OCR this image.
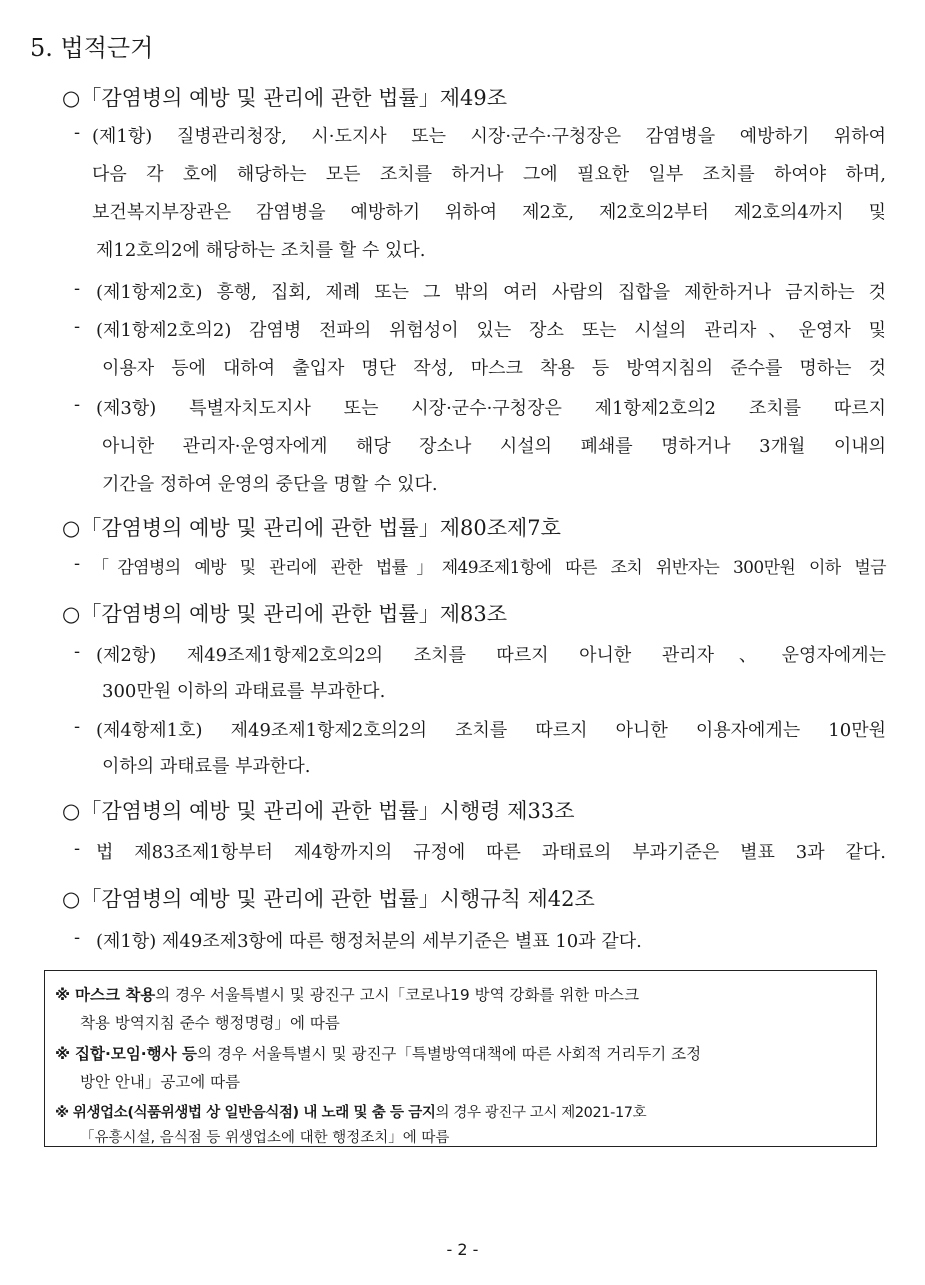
5. 법적근거
○「감염병의 예방 및 관리에 관한 법률」제49조
- (제1항) 질병관리청장, 시·도지사 또는 시장·군수·구청장은 감염병을 예방하기 위하여
다음 각 호에 해당하는 모든 조치를 하거나 그에 필요한 일부 조치를 하여야 하며,
보건복지부장관은 감염병을 예방하기 위하여 제2호, 제2호의2부터 제2호의4까지 및
제12호의2에 해당하는 조치를 할 수 있다.
- (제1항제2호) 흥행, 집회, 제례 또는 그 밖의 여러 사람의 집합을 제한하거나 금지하는 것
- (제1항제2호의2) 감염병 전파의 위험성이 있는 장소 또는 시설의 관리자、운영자 및
이용자 등에 대하여 출입자 명단 작성, 마스크 착용 등 방역지침의 준수를 명하는 것
- (제3항) 특별자치도지사 또는 시장·군수·구청장은 제1항제2호의2 조치를 따르지
아니한 관리자·운영자에게 해당 장소나 시설의 폐쇄를 명하거나 3개월 이내의
기간을 정하여 운영의 중단을 명할 수 있다.
○「감염병의 예방 및 관리에 관한 법률」제80조제7호
- 「감염병의 예방 및 관리에 관한 법률」제49조제1항에 따른 조치 위반자는 300만원 이하 벌금
○「감염병의 예방 및 관리에 관한 법률」제83조
- (제2항) 제49조제1항제2호의2의 조치를 따르지 아니한 관리자、운영자에게는
300만원 이하의 과태료를 부과한다.
- (제4항제1호) 제49조제1항제2호의2의 조치를 따르지 아니한 이용자에게는 10만원
이하의 과태료를 부과한다.
○「감염병의 예방 및 관리에 관한 법률」시행령 제33조
- 법 제83조제1항부터 제4항까지의 규정에 따른 과태료의 부과기준은 별표 3과 같다.
○「감염병의 예방 및 관리에 관한 법률」시행규칙 제42조
- (제1항) 제49조제3항에 따른 행정처분의 세부기준은 별표 10과 같다.
※ 마스크 착용의 경우 서울특별시 및 광진구 고시「코로나19 방역 강화를 위한 마스크
착용 방역지침 준수 행정명령」에 따름
※ 집합·모임·행사 등의 경우 서울특별시 및 광진구「특별방역대책에 따른 사회적 거리두기 조정
방안 안내」공고에 따름
※ 위생업소(식품위생법 상 일반음식점) 내 노래 및 춤 등 금지의 경우 광진구 고시 제2021-17호
「유흥시설, 음식점 등 위생업소에 대한 행정조치」에 따름
- 2 -
